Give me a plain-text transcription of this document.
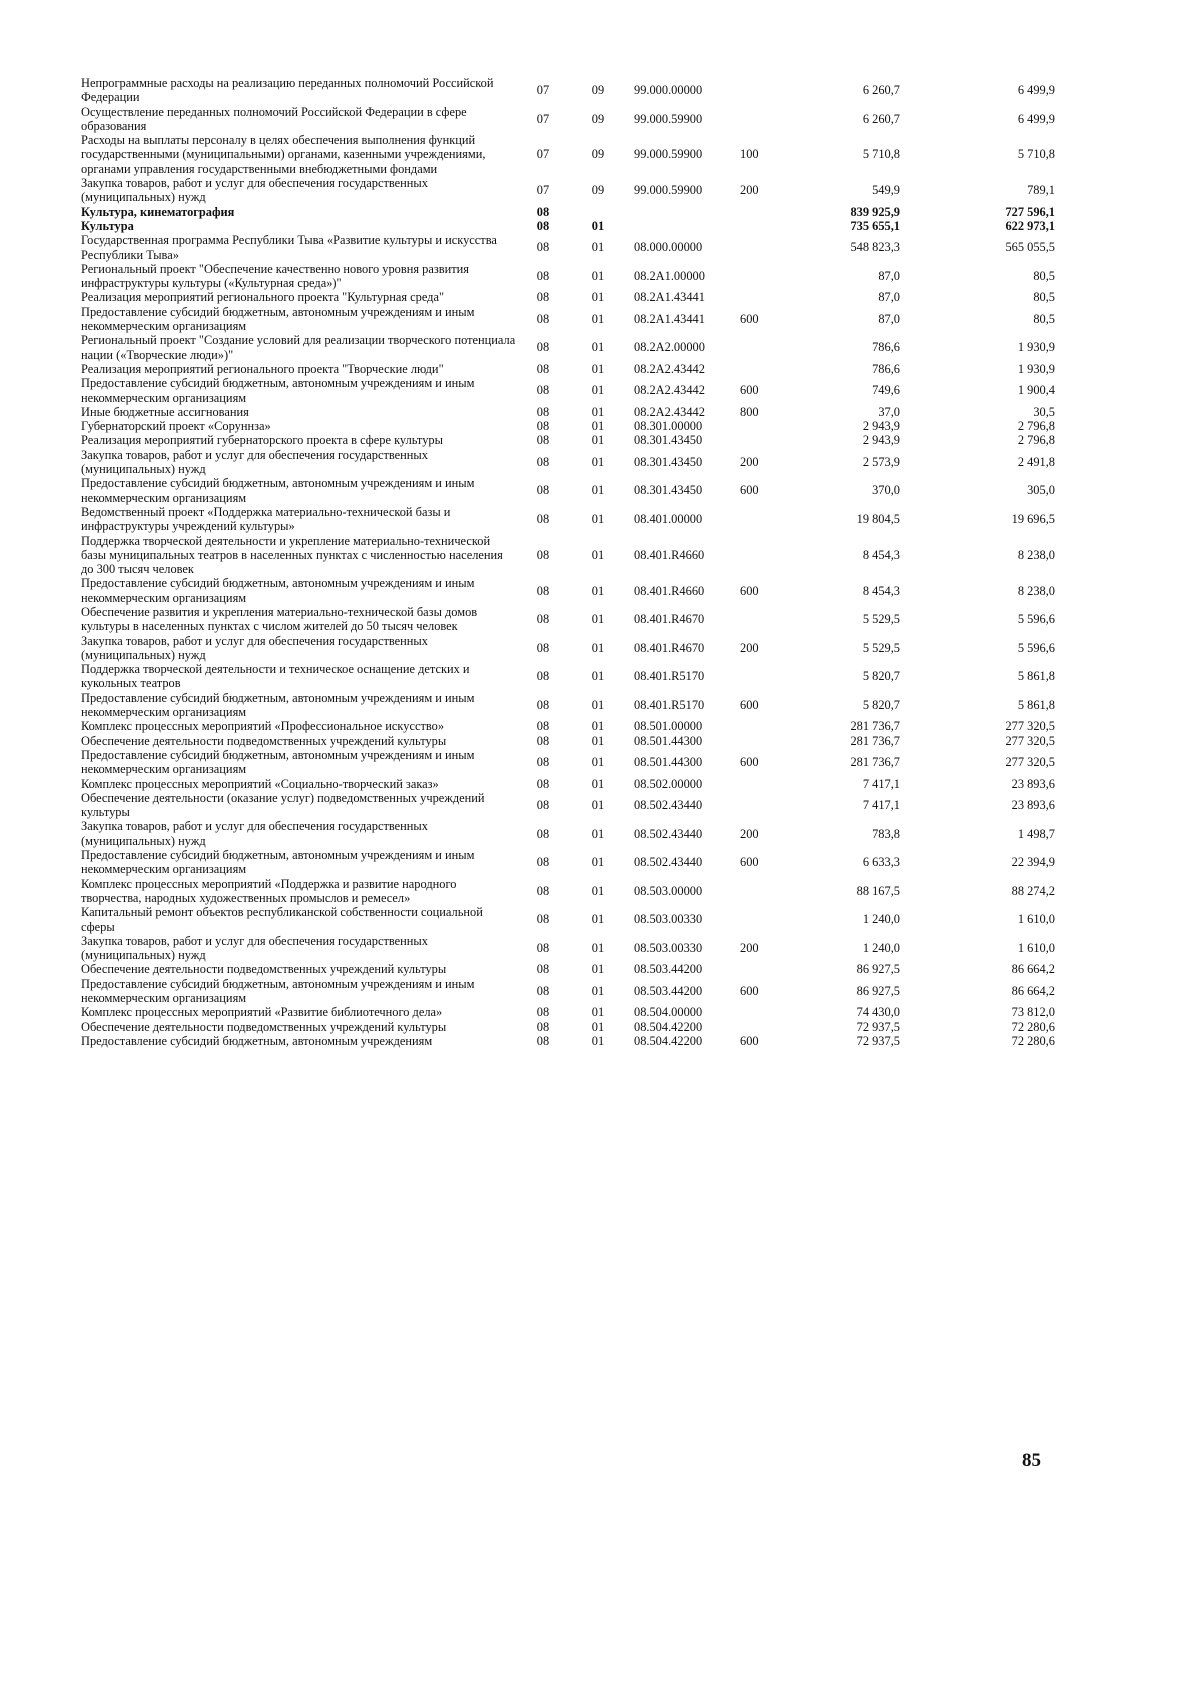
Непрограммные расходы на реализацию переданных полномочий Российской Федерации	07	09	99.000.00000		6 260,7	6 499,9
Осуществление переданных полномочий Российской Федерации в сфере образования	07	09	99.000.59900		6 260,7	6 499,9
Расходы на выплаты персоналу в целях обеспечения выполнения функций государственными (муниципальными) органами, казенными учреждениями, органами управления государственными внебюджетными фондами	07	09	99.000.59900	100	5 710,8	5 710,8
Закупка товаров, работ и услуг для обеспечения государственных (муниципальных) нужд	07	09	99.000.59900	200	549,9	789,1
Культура, кинематография	08				839 925,9	727 596,1
Культура	08	01			735 655,1	622 973,1
Государственная программа Республики Тыва «Развитие культуры и искусства Республики Тыва»	08	01	08.000.00000		548 823,3	565 055,5
Региональный проект "Обеспечение качественно нового уровня развития инфраструктуры культуры («Культурная среда»)"	08	01	08.2А1.00000		87,0	80,5
Реализация мероприятий регионального проекта "Культурная среда"	08	01	08.2А1.43441		87,0	80,5
Предоставление субсидий бюджетным, автономным учреждениям и иным некоммерческим организациям	08	01	08.2А1.43441	600	87,0	80,5
Региональный проект "Создание условий для реализации творческого потенциала нации («Творческие люди»)"	08	01	08.2А2.00000		786,6	1 930,9
Реализация мероприятий регионального проекта "Творческие люди"	08	01	08.2А2.43442		786,6	1 930,9
Предоставление субсидий бюджетным, автономным учреждениям и иным некоммерческим организациям	08	01	08.2А2.43442	600	749,6	1 900,4
Иные бюджетные ассигнования	08	01	08.2А2.43442	800	37,0	30,5
Губернаторский проект «Соруннза»	08	01	08.301.00000		2 943,9	2 796,8
Реализация мероприятий губернаторского проекта в сфере культуры	08	01	08.301.43450		2 943,9	2 796,8
Закупка товаров, работ и услуг для обеспечения государственных (муниципальных) нужд	08	01	08.301.43450	200	2 573,9	2 491,8
Предоставление субсидий бюджетным, автономным учреждениям и иным некоммерческим организациям	08	01	08.301.43450	600	370,0	305,0
Ведомственный проект «Поддержка материально-технической базы и инфраструктуры учреждений культуры»	08	01	08.401.00000		19 804,5	19 696,5
Поддержка творческой деятельности и укрепление материально-технической базы муниципальных театров в населенных пунктах с численностью населения до 300 тысяч человек	08	01	08.401.R4660		8 454,3	8 238,0
Предоставление субсидий бюджетным, автономным учреждениям и иным некоммерческим организациям	08	01	08.401.R4660	600	8 454,3	8 238,0
Обеспечение развития и укрепления материально-технической базы домов культуры в населенных пунктах с числом жителей до 50 тысяч человек	08	01	08.401.R4670		5 529,5	5 596,6
Закупка товаров, работ и услуг для обеспечения государственных (муниципальных) нужд	08	01	08.401.R4670	200	5 529,5	5 596,6
Поддержка творческой деятельности и техническое оснащение детских и кукольных театров	08	01	08.401.R5170		5 820,7	5 861,8
Предоставление субсидий бюджетным, автономным учреждениям и иным некоммерческим организациям	08	01	08.401.R5170	600	5 820,7	5 861,8
Комплекс процессных мероприятий «Профессиональное искусство»	08	01	08.501.00000		281 736,7	277 320,5
Обеспечение деятельности подведомственных учреждений культуры	08	01	08.501.44300		281 736,7	277 320,5
Предоставление субсидий бюджетным, автономным учреждениям и иным некоммерческим организациям	08	01	08.501.44300	600	281 736,7	277 320,5
Комплекс процессных мероприятий «Социально-творческий заказ»	08	01	08.502.00000		7 417,1	23 893,6
Обеспечение деятельности (оказание услуг) подведомственных учреждений культуры	08	01	08.502.43440		7 417,1	23 893,6
Закупка товаров, работ и услуг для обеспечения государственных (муниципальных) нужд	08	01	08.502.43440	200	783,8	1 498,7
Предоставление субсидий бюджетным, автономным учреждениям и иным некоммерческим организациям	08	01	08.502.43440	600	6 633,3	22 394,9
Комплекс процессных мероприятий «Поддержка и развитие народного творчества, народных художественных промыслов и ремесел»	08	01	08.503.00000		88 167,5	88 274,2
Капитальный ремонт объектов республиканской собственности социальной сферы	08	01	08.503.00330		1 240,0	1 610,0
Закупка товаров, работ и услуг для обеспечения государственных (муниципальных) нужд	08	01	08.503.00330	200	1 240,0	1 610,0
Обеспечение деятельности подведомственных учреждений культуры	08	01	08.503.44200		86 927,5	86 664,2
Предоставление субсидий бюджетным, автономным учреждениям и иным некоммерческим организациям	08	01	08.503.44200	600	86 927,5	86 664,2
Комплекс процессных мероприятий «Развитие библиотечного дела»	08	01	08.504.00000		74 430,0	73 812,0
Обеспечение деятельности подведомственных учреждений культуры	08	01	08.504.42200		72 937,5	72 280,6
Предоставление субсидий бюджетным, автономным учреждениям	08	01	08.504.42200	600	72 937,5	72 280,6
85
